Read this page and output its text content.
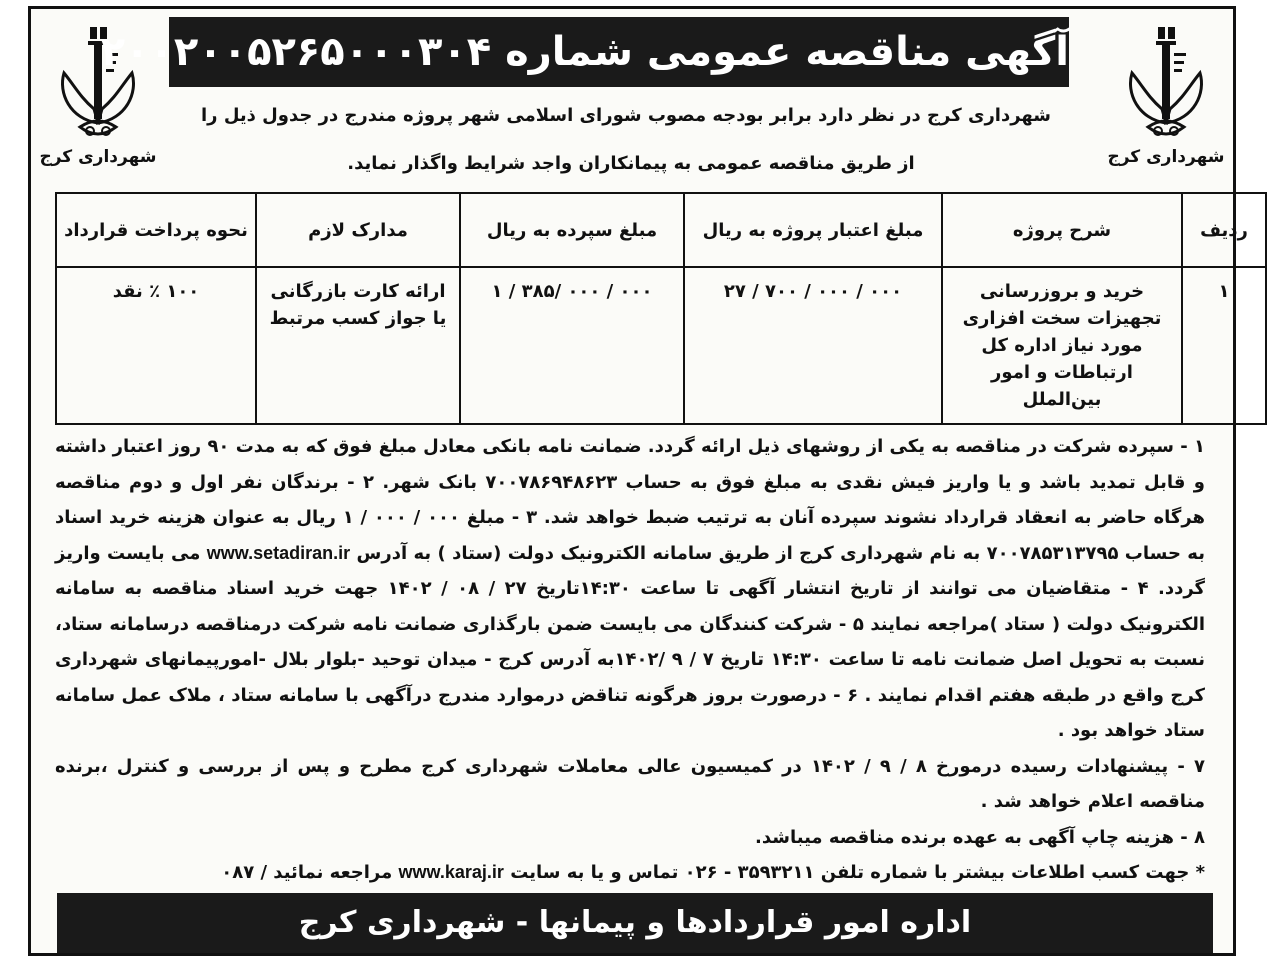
شهرداری کرج
شهرداری کرج
آگهی مناقصه عمومی شماره ۲۰۰۲۰۰۵۲۶۵۰۰۰۳۰۴
شهرداری کرج در نظر دارد برابر بودجه مصوب شورای اسلامی شهر پروژه مندرج در جدول ذیل را
از طریق مناقصه عمومی به پیمانکاران واجد شرایط واگذار نماید.
ردیف	شرح پروژه	مبلغ اعتبار پروژه به ریال	مبلغ سپرده به ریال	مدارک لازم	نحوه پرداخت قرارداد
۱	خرید و بروزرسانی تجهیزات سخت افزاری مورد نیاز اداره کل ارتباطات و امور بین‌الملل	۰۰۰ / ۰۰۰ / ۷۰۰ / ۲۷	۰۰۰ / ۰۰۰ /۳۸۵ / ۱	ارائه کارت بازرگانی یا جواز کسب مرتبط	۱۰۰ ٪ نقد

۱ - سپرده شرکت در مناقصه به یکی از روشهای ذیل ارائه گردد. ضمانت نامه بانکی معادل مبلغ فوق که به مدت ۹۰ روز اعتبار داشته و قابل تمدید باشد و یا واریز فیش نقدی به مبلغ فوق به حساب ۷۰۰۷۸۶۹۴۸۶۲۳ بانک شهر. ۲ - برندگان نفر اول و دوم مناقصه هرگاه حاضر به انعقاد قرارداد نشوند سپرده آنان به ترتیب ضبط خواهد شد. ۳ - مبلغ ۰۰۰ / ۰۰۰ / ۱ ریال به عنوان هزینه خرید اسناد به حساب ۷۰۰۷۸۵۳۱۳۷۹۵ به نام شهرداری کرج از طریق سامانه الکترونیک دولت (ستاد ) به آدرس www.setadiran.ir می بایست واریز گردد. ۴ - متقاضیان می توانند از تاریخ انتشار آگهی تا ساعت ۱۴:۳۰تاریخ ۲۷ / ۰۸ / ۱۴۰۲ جهت خرید اسناد مناقصه به سامانه الکترونیک دولت ( ستاد )مراجعه نمایند ۵ - شرکت کنندگان می بایست ضمن بارگذاری ضمانت نامه شرکت درمناقصه درسامانه ستاد، نسبت به تحویل اصل ضمانت نامه تا ساعت ۱۴:۳۰ تاریخ ۷ / ۹ /۱۴۰۲به آدرس کرج - میدان توحید -بلوار بلال -امورپیمانهای شهرداری کرج واقع در طبقه هفتم اقدام نمایند . ۶ - درصورت بروز هرگونه تناقض درموارد مندرج درآگهی با سامانه ستاد ، ملاک عمل سامانه ستاد خواهد بود .

۷ - پیشنهادات رسیده درمورخ ۸ / ۹ / ۱۴۰۲ در کمیسیون عالی معاملات شهرداری کرج مطرح و پس از بررسی و کنترل ،برنده مناقصه اعلام خواهد شد .

۸ - هزینه چاپ آگهی به عهده برنده مناقصه میباشد.

* جهت کسب اطلاعات بیشتر با شماره تلفن ۳۵۹۳۲۱۱ - ۰۲۶ تماس و یا به سایت www.karaj.ir مراجعه نمائید / ۰۸۷

اداره امور قراردادها و پیمانها - شهرداری کرج
